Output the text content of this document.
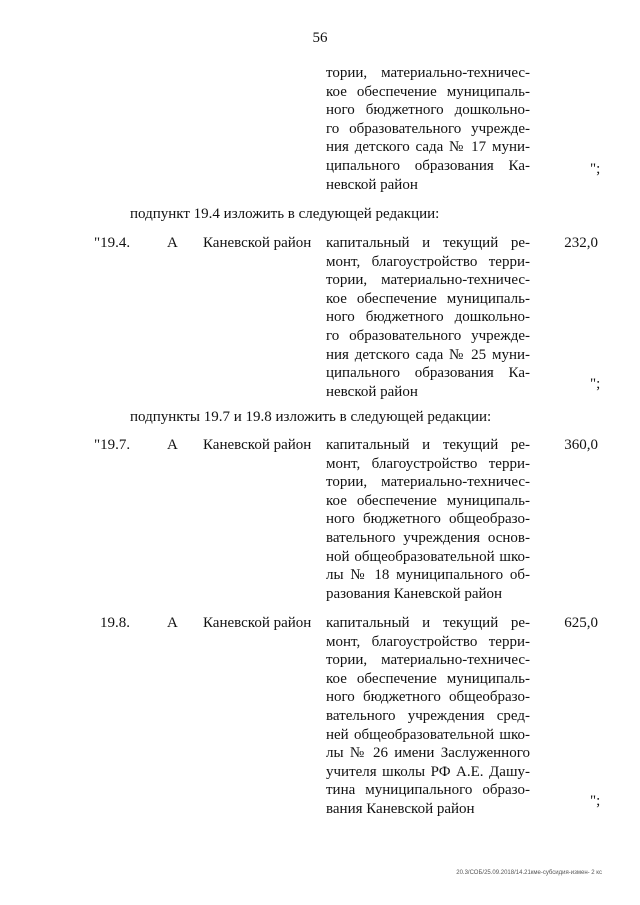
56
тории, материально-техничес-
кое обеспечение муниципаль-
ного бюджетного дошкольно-
го образовательного учрежде-
ния детского сада № 17 муни-
ципального образования Ка-
невской район
";
подпункт 19.4 изложить в следующей редакции:
"19.4. А Каневской район капитальный и текущий ре-
монт, благоустройство терри-
тории, материально-техничес-
кое обеспечение муниципаль-
ного бюджетного дошкольно-
го образовательного учрежде-
ния детского сада № 25 муни-
ципального образования Ка-
невской район
232,0
";
подпункты 19.7 и 19.8 изложить в следующей редакции:
"19.7. А Каневской район капитальный и текущий ре-
монт, благоустройство терри-
тории, материально-техничес-
кое обеспечение муниципаль-
ного бюджетного общеобразо-
вательного учреждения основ-
ной общеобразовательной шко-
лы № 18 муниципального об-
разования Каневской район
360,0
19.8. А Каневской район капитальный и текущий ре-
монт, благоустройство терри-
тории, материально-техничес-
кое обеспечение муниципаль-
ного бюджетного общеобразо-
вательного учреждения сред-
ней общеобразовательной шко-
лы № 26 имени Заслуженного
учителя школы РФ А.Е. Дашу-
тина муниципального образо-
вания Каневской район
625,0
";
20.3/СОБ/25.09.2018/14.21кме-субсидия-измен- 2 кс
